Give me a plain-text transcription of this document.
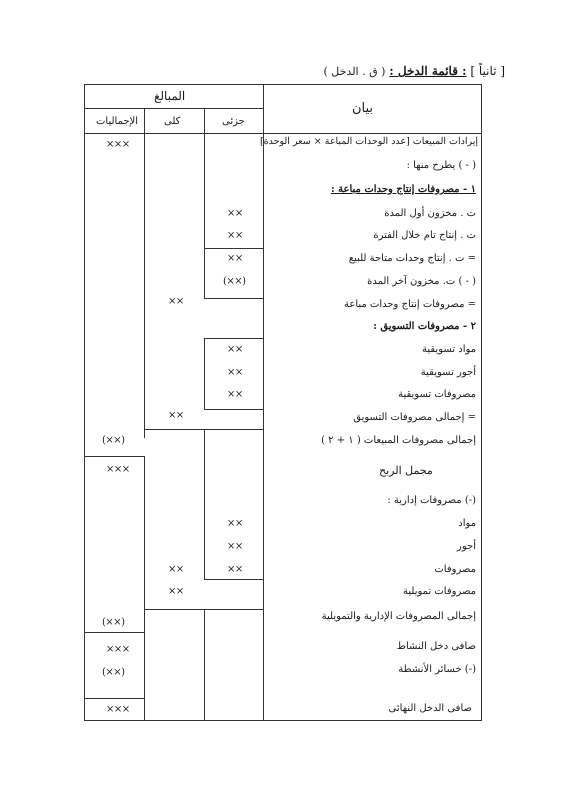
[ ثانياً ] : قائمة الدخل : ( ق . الدخل )
المبالغ
بيان
جزئى
كلى
الإجماليات
إيرادات المبيعات [عدد الوحدات المباعة × سعر الوحدة]
( - ) يطرح منها :
١ - مصروفات إنتاج وحدات مباعة :
ت . مخزون أول المدة
ت . إنتاج تام خلال الفترة
= ت . إنتاج وحدات متاحة للبيع
( - ) ت. مخزون آخر المدة
= مصروفات إنتاج وحدات مباعة
٢ - مصروفات التسويق :
مواد تسويقية
أجور تسويقية
مصروفات تسويقية
= إجمالى مصروفات التسويق
إجمالى مصروفات المبيعات ( ١ + ٢ )
مجمل الربح
(-) مصروفات إدارية :
مواد
أجور
مصروفات
مصروفات تمويلية
إجمالى المصروفات الإدارية والتمويلية
صافى دخل النشاط
(-) خسائر الأنشطة
صافى الدخل النهائى
××
××
××
(××)
××
××
××
××
××
××
××
××
××
××
×××
(××)
×××
(××)
×××
(××)
×××
